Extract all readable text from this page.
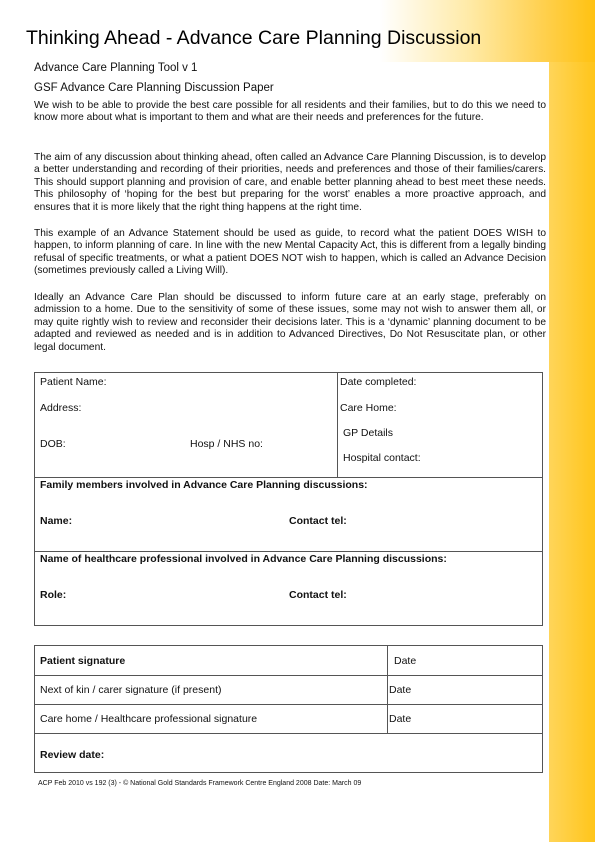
Thinking Ahead - Advance Care Planning Discussion
Advance Care Planning Tool v 1
GSF Advance Care Planning Discussion Paper

We wish to be able to provide the best care possible for all residents and their families, but to do this we need to know more about what is important to them and what are their needs and preferences for the future.

The aim of any discussion about thinking ahead, often called an Advance Care Planning Discussion, is to develop a better understanding and recording of their priorities, needs and preferences and those of their families/carers. This should support planning and provision of care, and enable better planning ahead to best meet these needs. This philosophy of ‘hoping for the best but preparing for the worst’ enables a more proactive approach, and ensures that it is more likely that the right thing happens at the right time.

This example of an Advance Statement should be used as guide, to record what the patient DOES WISH to happen, to inform planning of care. In line with the new Mental Capacity Act, this is different from a legally binding refusal of specific treatments, or what a patient DOES NOT wish to happen, which is called an Advance Decision (sometimes previously called a Living Will).

Ideally an Advance Care Plan should be discussed to inform future care at an early stage, preferably on admission to a home. Due to the sensitivity of some of these issues, some may not wish to answer them all, or may quite rightly wish to review and reconsider their decisions later. This is a ‘dynamic’ planning document to be adapted and reviewed as needed and is in addition to Advanced Directives, Do Not Resuscitate plan, or other legal document.

Patient Name:	Date completed:
Address:	Care Home:
GP Details
DOB:	Hosp / NHS no:
Hospital contact:
Family members involved in Advance Care Planning discussions:
Name:	Contact tel:
Name of healthcare professional involved in Advance Care Planning discussions:
Role:	Contact tel:
Patient signature	Date
Next of kin / carer signature (if present)	Date
Care home / Healthcare professional signature	Date
Review date:
ACP Feb 2010 vs 192 (3) - © National Gold Standards Framework Centre England 2008 Date: March 09
